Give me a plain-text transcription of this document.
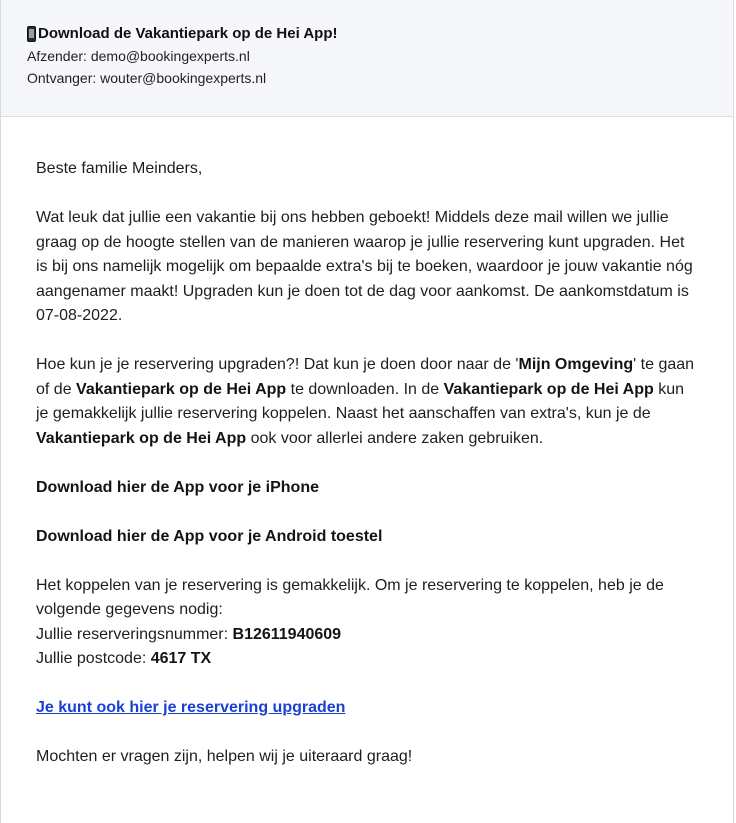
Download de Vakantiepark op de Hei App!
Afzender: demo@bookingexperts.nl
Ontvanger: wouter@bookingexperts.nl

Beste familie Meinders,

Wat leuk dat jullie een vakantie bij ons hebben geboekt! Middels deze mail willen we jullie graag op de hoogte stellen van de manieren waarop je jullie reservering kunt upgraden. Het is bij ons namelijk mogelijk om bepaalde extra's bij te boeken, waardoor je jouw vakantie nóg aangenamer maakt! Upgraden kun je doen tot de dag voor aankomst. De aankomstdatum is 07-08-2022.

Hoe kun je je reservering upgraden?! Dat kun je doen door naar de 'Mijn Omgeving' te gaan of de Vakantiepark op de Hei App te downloaden. In de Vakantiepark op de Hei App kun je gemakkelijk jullie reservering koppelen. Naast het aanschaffen van extra's, kun je de Vakantiepark op de Hei App ook voor allerlei andere zaken gebruiken.

Download hier de App voor je iPhone

Download hier de App voor je Android toestel

Het koppelen van je reservering is gemakkelijk. Om je reservering te koppelen, heb je de volgende gegevens nodig:
Jullie reserveringsnummer: B12611940609
Jullie postcode: 4617 TX

Je kunt ook hier je reservering upgraden

Mochten er vragen zijn, helpen wij je uiteraard graag!
